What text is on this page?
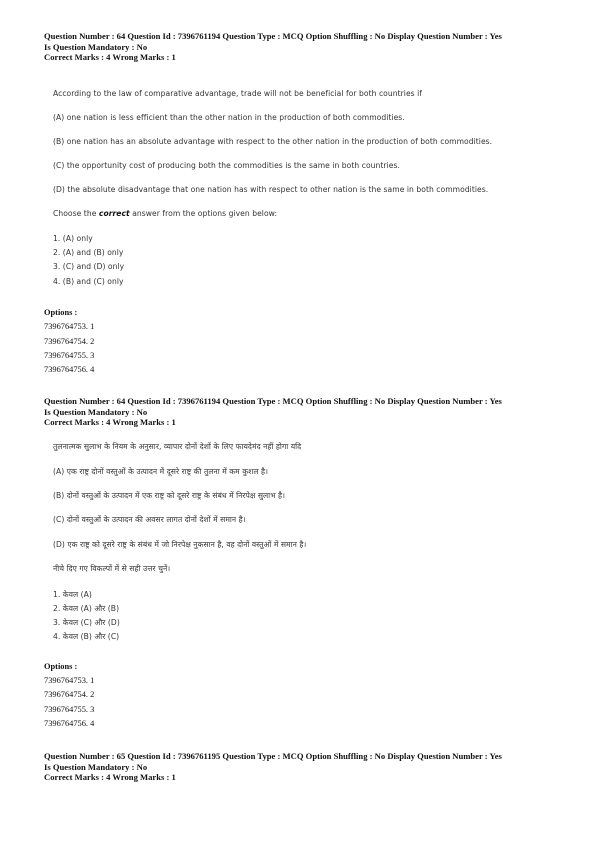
Question Number : 64 Question Id : 7396761194 Question Type : MCQ Option Shuffling : No Display Question Number : Yes
Is Question Mandatory : No
Correct Marks : 4 Wrong Marks : 1
According to the law of comparative advantage, trade will not be beneficial for both countries if
(A) one nation is less efficient than the other nation in the production of both commodities.
(B) one nation has an absolute advantage with respect to the other nation in the production of both commodities.
(C) the opportunity cost of producing both the commodities is the same in both countries.
(D) the absolute disadvantage that one nation has with respect to other nation is the same in both commodities.
Choose the correct answer from the options given below:
1. (A) only
2. (A) and (B) only
3. (C) and (D) only
4. (B) and (C) only
Options :
7396764753. 1
7396764754. 2
7396764755. 3
7396764756. 4
Question Number : 64 Question Id : 7396761194 Question Type : MCQ Option Shuffling : No Display Question Number : Yes
Is Question Mandatory : No
Correct Marks : 4 Wrong Marks : 1
तुलनात्मक सुलाभ के नियम के अनुसार, व्यापार दोनों देशों के लिए फायदेमंद नहीं होगा यदि
(A) एक राष्ट्र दोनों वस्तुओं के उत्पादन में दूसरे राष्ट्र की तुलना में कम कुशल है।
(B) दोनों वस्तुओं के उत्पादन में एक राष्ट्र को दूसरे राष्ट्र के संबंध में निरपेक्ष सुलाभ है।
(C) दोनों वस्तुओं के उत्पादन की अवसर लागत दोनों देशों में समान है।
(D) एक राष्ट्र को दूसरे राष्ट्र के संबंध में जो निरपेक्ष नुकसान है, वह दोनों वस्तुओं में समान है।
नीचे दिए गए विकल्पों में से सही उत्तर चुनें।
1. केवल (A)
2. केवल (A) और (B)
3. केवल (C) और (D)
4. केवल (B) और (C)
Options :
7396764753. 1
7396764754. 2
7396764755. 3
7396764756. 4
Question Number : 65 Question Id : 7396761195 Question Type : MCQ Option Shuffling : No Display Question Number : Yes
Is Question Mandatory : No
Correct Marks : 4 Wrong Marks : 1
